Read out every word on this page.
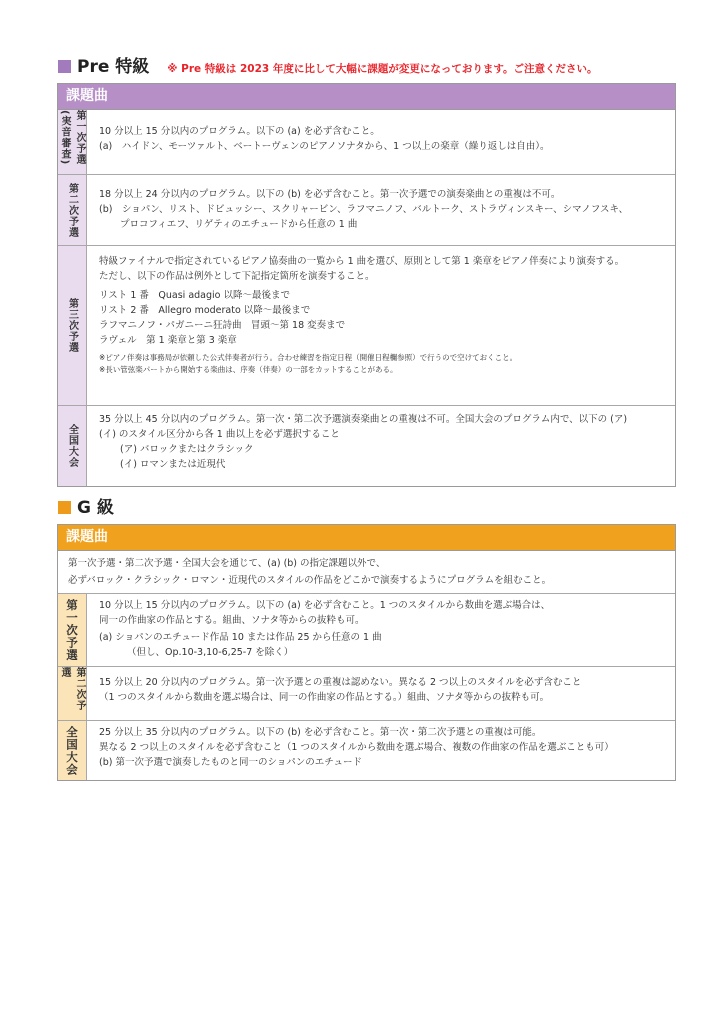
Pre 特級 ※ Pre 特級は 2023 年度に比して大幅に課題が変更になっております。ご注意ください。
課題曲
第一次予選(実音審査)	10 分以上 15 分以内のプログラム。以下の (a) を必ず含むこと。
(a)　ハイドン、モーツァルト、ベートーヴェンのピアノソナタから、1 つ以上の楽章（繰り返しは自由）。
第二次予選 18 分以上 24 分以内のプログラム。以下の (b) を必ず含むこと。第一次予選での演奏楽曲との重複は不可。
(b)　ショパン、リスト、ドビュッシー、スクリャービン、ラフマニノフ、バルトーク、ストラヴィンスキー、シマノフスキ、
プロコフィエフ、リゲティのエチュードから任意の 1 曲
第三次予選
特級ファイナルで指定されているピアノ協奏曲の一覧から 1 曲を選び、原則として第 1 楽章をピアノ伴奏により演奏する。
ただし、以下の作品は例外として下記指定箇所を演奏すること。
リスト 1 番　Quasi adagio 以降～最後まで
リスト 2 番　Allegro moderato 以降～最後まで
ラフマニノフ・パガニーニ狂詩曲　冒頭～第 18 変奏まで
ラヴェル　第 1 楽章と第 3 楽章
※ピアノ伴奏は事務局が依頼した公式伴奏者が行う。合わせ練習を指定日程（開催日程欄参照）で行うので空けておくこと。
※長い管弦楽パートから開始する楽曲は、序奏（伴奏）の一部をカットすることがある。
全国大会
35 分以上 45 分以内のプログラム。第一次・第二次予選演奏楽曲との重複は不可。全国大会のプログラム内で、以下の (ア)
(イ) のスタイル区分から各 1 曲以上を必ず選択すること
(ア) バロックまたはクラシック
(イ) ロマンまたは近現代
G 級
課題曲
第一次予選・第二次予選・全国大会を通じて、(a) (b) の指定課題以外で、
必ずバロック・クラシック・ロマン・近現代のスタイルの作品をどこかで演奏するようにプログラムを組むこと。
第一次予選 10 分以上 15 分以内のプログラム。以下の (a) を必ず含むこと。1 つのスタイルから数曲を選ぶ場合は、
同一の作曲家の作品とする。組曲、ソナタ等からの抜粋も可。
(a) ショパンのエチュード作品 10 または作品 25 から任意の 1 曲
（但し、Op.10-3,10-6,25-7 を除く）
第二次予選
15 分以上 20 分以内のプログラム。第一次予選との重複は認めない。異なる 2 つ以上のスタイルを必ず含むこと
（1 つのスタイルから数曲を選ぶ場合は、同一の作曲家の作品とする。）組曲、ソナタ等からの抜粋も可。
全国大会 25 分以上 35 分以内のプログラム。以下の (b) を必ず含むこと。第一次・第二次予選との重複は可能。
異なる 2 つ以上のスタイルを必ず含むこと（1 つのスタイルから数曲を選ぶ場合、複数の作曲家の作品を選ぶことも可）
(b) 第一次予選で演奏したものと同一のショパンのエチュード
